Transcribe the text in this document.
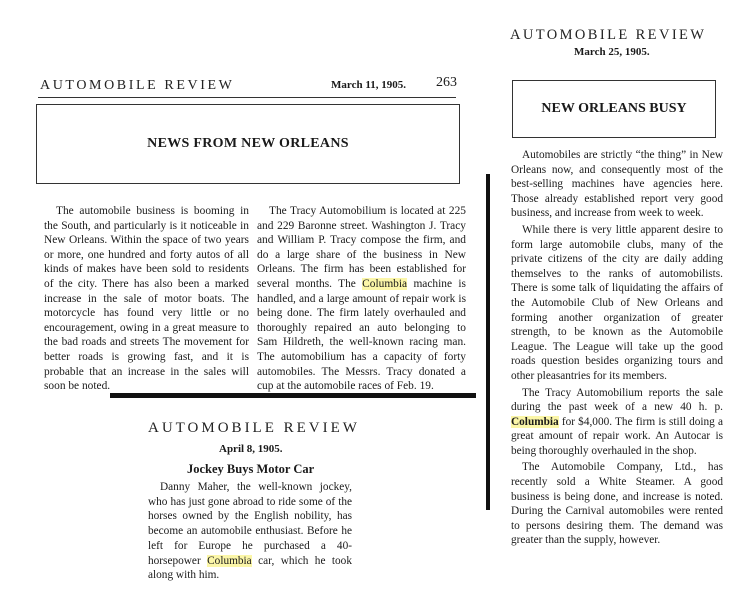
AUTOMOBILE REVIEW	March 11, 1905. 263
NEWS FROM NEW ORLEANS

The automobile business is booming in the South, and particularly is it noticeable in New Orleans. Within the space of two years or more, one hundred and forty autos of all kinds of makes have been sold to residents of the city. There has also been a marked increase in the sale of motor boats. The motorcycle has found very little or no encouragement, owing in a great measure to the bad roads and streets The movement for better roads is growing fast, and it is probable that an increase in the sales will soon be noted.

The Tracy Automobilium is located at 225 and 229 Baronne street. Washington J. Tracy and William P. Tracy compose the firm, and do a large share of the business in New Orleans. The firm has been established for several months. The Columbia machine is handled, and a large amount of repair work is being done. The firm lately overhauled and thoroughly repaired an auto belonging to Sam Hildreth, the well-known racing man. The automobilium has a capacity of forty automobiles. The Messrs. Tracy donated a cup at the automobile races of Feb. 19.

AUTOMOBILE REVIEW
April 8, 1905.
Jockey Buys Motor Car

Danny Maher, the well-known jockey, who has just gone abroad to ride some of the horses owned by the English nobility, has become an automobile enthusiast. Before he left for Europe he purchased a 40-horsepower Columbia car, which he took along with him.

AUTOMOBILE REVIEW
March 25, 1905.
NEW ORLEANS BUSY

Automobiles are strictly “the thing” in New Orleans now, and consequently most of the best-selling machines have agencies here. Those already established report very good business, and increase from week to week.

While there is very little apparent desire to form large automobile clubs, many of the private citizens of the city are daily adding themselves to the ranks of automobilists. There is some talk of liquidating the affairs of the Automobile Club of New Orleans and forming another organization of greater strength, to be known as the Automobile League. The League will take up the good roads question besides organizing tours and other pleasantries for its members.

The Tracy Automobilium reports the sale during the past week of a new 40 h. p. Columbia for $4,000. The firm is still doing a great amount of repair work. An Autocar is being thoroughly overhauled in the shop.

The Automobile Company, Ltd., has recently sold a White Steamer. A good business is being done, and increase is noted. During the Carnival automobiles were rented to persons desiring them. The demand was greater than the supply, however.
